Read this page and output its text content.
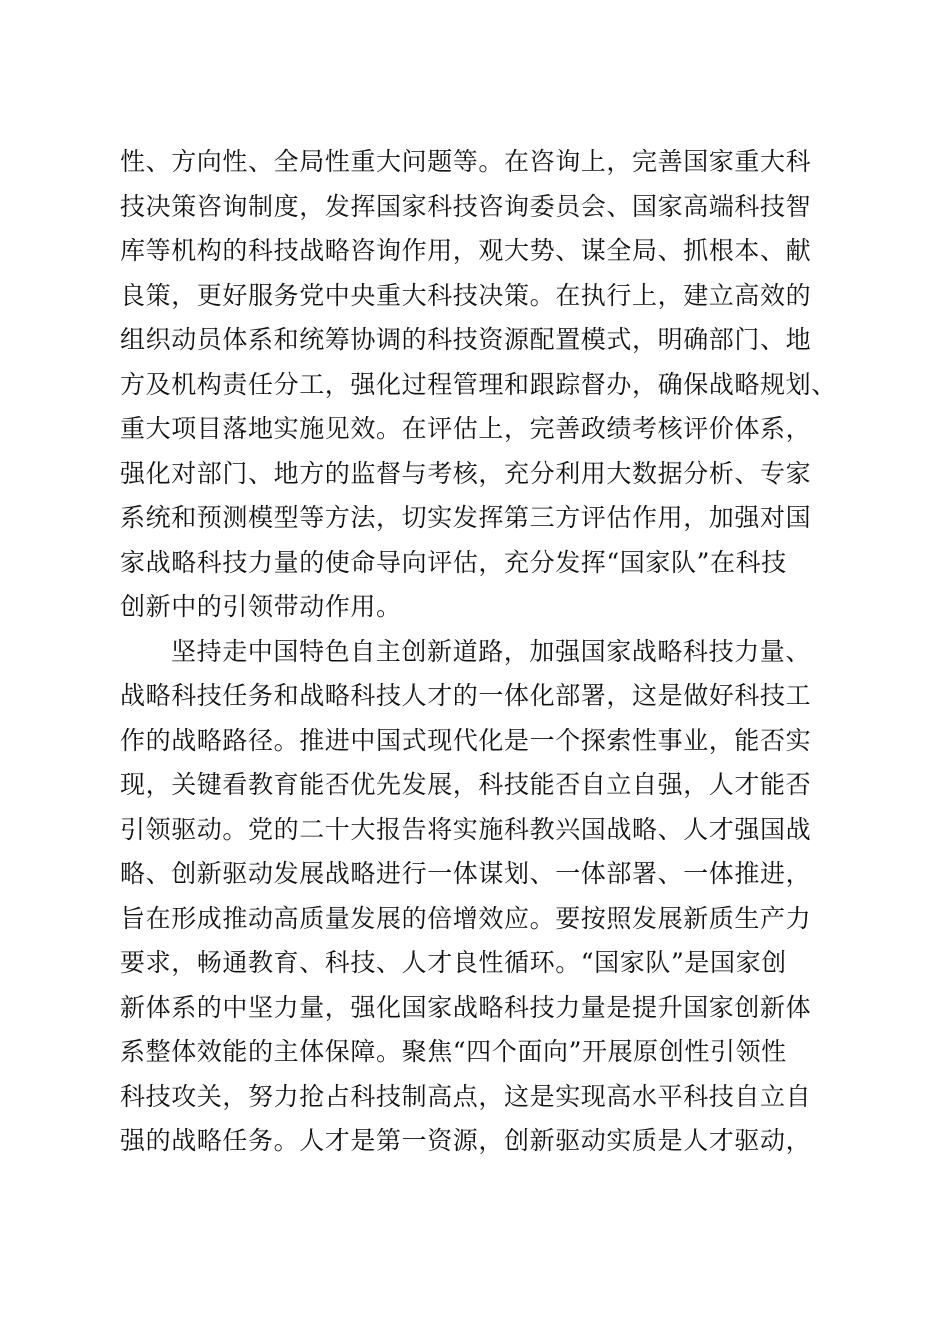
性、方向性、全局性重大问题等。在咨询上，完善国家重大科
技决策咨询制度，发挥国家科技咨询委员会、国家高端科技智
库等机构的科技战略咨询作用，观大势、谋全局、抓根本、献
良策，更好服务党中央重大科技决策。在执行上，建立高效的
组织动员体系和统筹协调的科技资源配置模式，明确部门、地
方及机构责任分工，强化过程管理和跟踪督办，确保战略规划、
重大项目落地实施见效。在评估上，完善政绩考核评价体系，
强化对部门、地方的监督与考核，充分利用大数据分析、专家
系统和预测模型等方法，切实发挥第三方评估作用，加强对国
家战略科技力量的使命导向评估，充分发挥“国家队”在科技
创新中的引领带动作用。
坚持走中国特色自主创新道路，加强国家战略科技力量、
战略科技任务和战略科技人才的一体化部署，这是做好科技工
作的战略路径。推进中国式现代化是一个探索性事业，能否实
现，关键看教育能否优先发展，科技能否自立自强，人才能否
引领驱动。党的二十大报告将实施科教兴国战略、人才强国战
略、创新驱动发展战略进行一体谋划、一体部署、一体推进，
旨在形成推动高质量发展的倍增效应。要按照发展新质生产力
要求，畅通教育、科技、人才良性循环。“国家队”是国家创
新体系的中坚力量，强化国家战略科技力量是提升国家创新体
系整体效能的主体保障。聚焦“四个面向”开展原创性引领性
科技攻关，努力抢占科技制高点，这是实现高水平科技自立自
强的战略任务。人才是第一资源，创新驱动实质是人才驱动，
